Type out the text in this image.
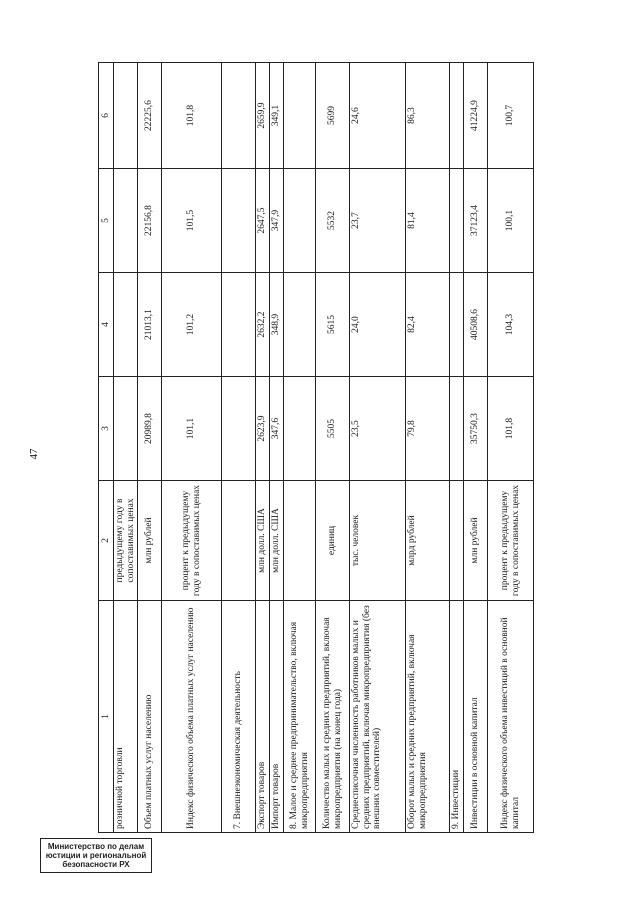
47
Министерство по делам
юстиции и региональной
безопасности РХ
1	2	3	4	5	6
розничной торговли	предыдущему году в сопоставимых ценах				
Объем платных услуг населению	млн рублей	20989,8	21013,1	22156,8	22225,6
Индекс физического объема платных услуг населению	процент к предыдущему году в сопоставимых ценах	101,1	101,2	101,5	101,8
7. Внешнеэкономическая деятельность					
Экспорт товаров	млн долл. США	2623,9	2632,2	2647,5	2659,9
Импорт товаров	млн долл. США	347,6	348,9	347,9	349,1
8. Малое и среднее предпринимательство, включая микропредприятия					
Количество малых и средних предприятий, включая микропредприятия (на конец года)	единиц	5505	5615	5532	5699
Среднесписочная численность работников малых и средних предприятий, включая микропредприятия (без внешних совместителей)	тыс. человек	23,5	24,0	23,7	24,6
Оборот малых и средних предприятий, включая микропредприятия	млрд рублей	79,8	82,4	81,4	86,3
9. Инвестиции					
Инвестиции в основной капитал	млн рублей	35750,3	40508,6	37123,4	41224,9
Индекс физического объема инвестиций в основной капитал	процент к предыдущему году в сопоставимых ценах	101,8	104,3	100,1	100,7
